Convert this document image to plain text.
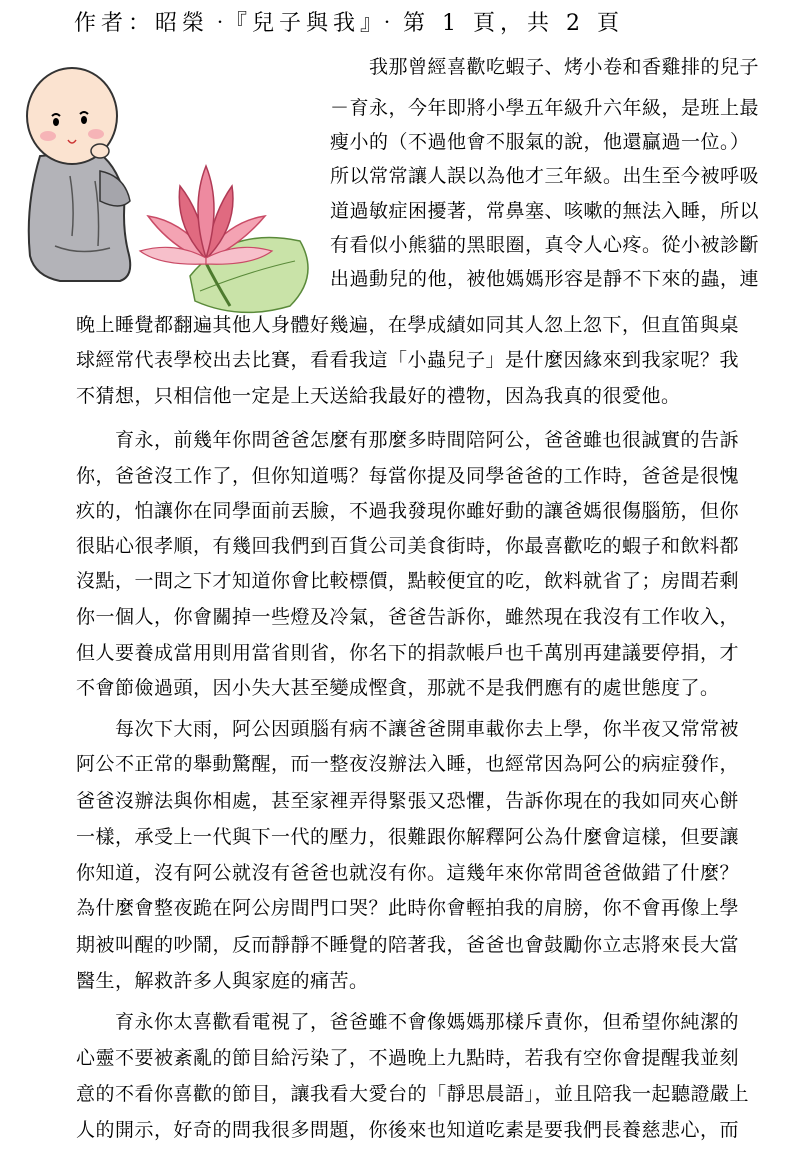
作者：昭榮‧『兒子與我』‧第 1 頁，共 2 頁
　　我那曾經喜歡吃蝦子、烤小卷和香雞排的兒子
－育永，今年即將小學五年級升六年級，是班上最
瘦小的（不過他會不服氣的說，他還贏過一位。）
所以常常讓人誤以為他才三年級。出生至今被呼吸
道過敏症困擾著，常鼻塞、咳嗽的無法入睡，所以
有看似小熊貓的黑眼圈，真令人心疼。從小被診斷
出過動兒的他，被他媽媽形容是靜不下來的蟲，連
晚上睡覺都翻遍其他人身體好幾遍，在學成績如同其人忽上忽下，但直笛與桌
球經常代表學校出去比賽，看看我這「小蟲兒子」是什麼因緣來到我家呢？我
不猜想，只相信他一定是上天送給我最好的禮物，因為我真的很愛他。
　　育永，前幾年你問爸爸怎麼有那麼多時間陪阿公，爸爸雖也很誠實的告訴
你，爸爸沒工作了，但你知道嗎？每當你提及同學爸爸的工作時，爸爸是很愧
疚的，怕讓你在同學面前丟臉，不過我發現你雖好動的讓爸媽很傷腦筋，但你
很貼心很孝順，有幾回我們到百貨公司美食街時，你最喜歡吃的蝦子和飲料都
沒點，一問之下才知道你會比較標價，點較便宜的吃，飲料就省了；房間若剩
你一個人，你會關掉一些燈及冷氣，爸爸告訴你，雖然現在我沒有工作收入，
但人要養成當用則用當省則省，你名下的捐款帳戶也千萬別再建議要停捐，才
不會節儉過頭，因小失大甚至變成慳貪，那就不是我們應有的處世態度了。
　　每次下大雨，阿公因頭腦有病不讓爸爸開車載你去上學，你半夜又常常被
阿公不正常的舉動驚醒，而一整夜沒辦法入睡，也經常因為阿公的病症發作，
爸爸沒辦法與你相處，甚至家裡弄得緊張又恐懼，告訴你現在的我如同夾心餅
一樣，承受上一代與下一代的壓力，很難跟你解釋阿公為什麼會這樣，但要讓
你知道，沒有阿公就沒有爸爸也就沒有你。這幾年來你常問爸爸做錯了什麼？
為什麼會整夜跪在阿公房間門口哭？此時你會輕拍我的肩膀，你不會再像上學
期被叫醒的吵鬧，反而靜靜不睡覺的陪著我，爸爸也會鼓勵你立志將來長大當
醫生，解救許多人與家庭的痛苦。
　　育永你太喜歡看電視了，爸爸雖不會像媽媽那樣斥責你，但希望你純潔的
心靈不要被紊亂的節目給污染了，不過晚上九點時，若我有空你會提醒我並刻
意的不看你喜歡的節目，讓我看大愛台的「靜思晨語」，並且陪我一起聽證嚴上
人的開示，好奇的問我很多問題，你後來也知道吃素是要我們長養慈悲心，而
